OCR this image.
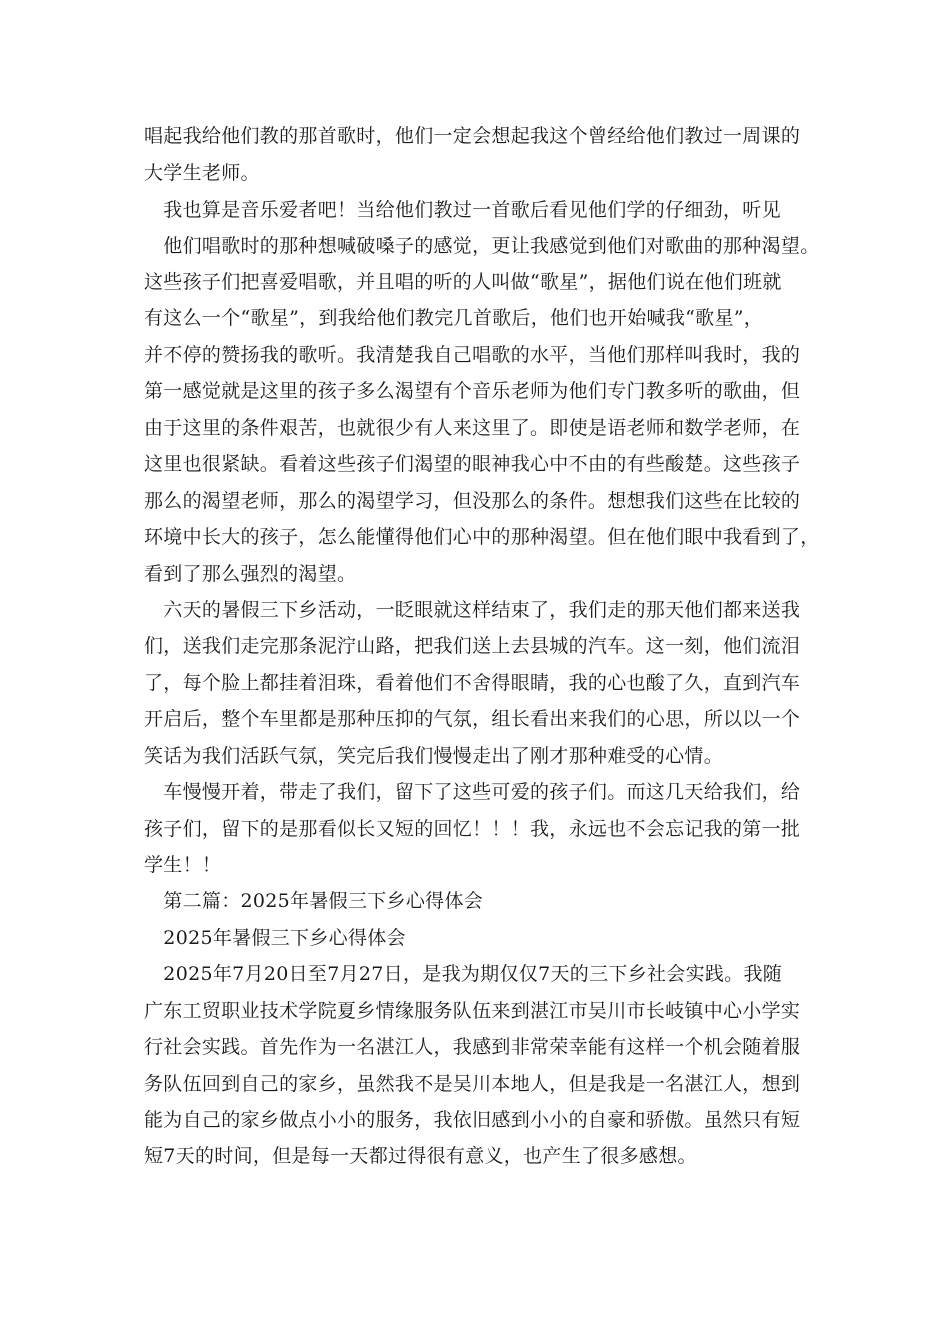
唱起我给他们教的那首歌时，他们一定会想起我这个曾经给他们教过一周课的
大学生老师。
　我也算是音乐爱者吧！当给他们教过一首歌后看见他们学的仔细劲，听见
　他们唱歌时的那种想喊破嗓子的感觉，更让我感觉到他们对歌曲的那种渴望。
这些孩子们把喜爱唱歌，并且唱的听的人叫做“歌星”，据他们说在他们班就
有这么一个“歌星”，到我给他们教完几首歌后，他们也开始喊我“歌星”，
并不停的赞扬我的歌听。我清楚我自己唱歌的水平，当他们那样叫我时，我的
第一感觉就是这里的孩子多么渴望有个音乐老师为他们专门教多听的歌曲，但
由于这里的条件艰苦，也就很少有人来这里了。即使是语老师和数学老师，在
这里也很紧缺。看着这些孩子们渴望的眼神我心中不由的有些酸楚。这些孩子
那么的渴望老师，那么的渴望学习，但没那么的条件。想想我们这些在比较的
环境中长大的孩子，怎么能懂得他们心中的那种渴望。但在他们眼中我看到了，
看到了那么强烈的渴望。
　六天的暑假三下乡活动，一眨眼就这样结束了，我们走的那天他们都来送我
们，送我们走完那条泥泞山路，把我们送上去县城的汽车。这一刻，他们流泪
了，每个脸上都挂着泪珠，看着他们不舍得眼睛，我的心也酸了久，直到汽车
开启后，整个车里都是那种压抑的气氛，组长看出来我们的心思，所以以一个
笑话为我们活跃气氛，笑完后我们慢慢走出了刚才那种难受的心情。
　车慢慢开着，带走了我们，留下了这些可爱的孩子们。而这几天给我们，给
孩子们，留下的是那看似长又短的回忆！！！我，永远也不会忘记我的第一批
学生！！
　第二篇：2025年暑假三下乡心得体会
　2025年暑假三下乡心得体会
　2025年7月20日至7月27日，是我为期仅仅7天的三下乡社会实践。我随
广东工贸职业技术学院夏乡情缘服务队伍来到湛江市吴川市长岐镇中心小学实
行社会实践。首先作为一名湛江人，我感到非常荣幸能有这样一个机会随着服
务队伍回到自己的家乡，虽然我不是吴川本地人，但是我是一名湛江人，想到
能为自己的家乡做点小小的服务，我依旧感到小小的自豪和骄傲。虽然只有短
短7天的时间，但是每一天都过得很有意义，也产生了很多感想。
